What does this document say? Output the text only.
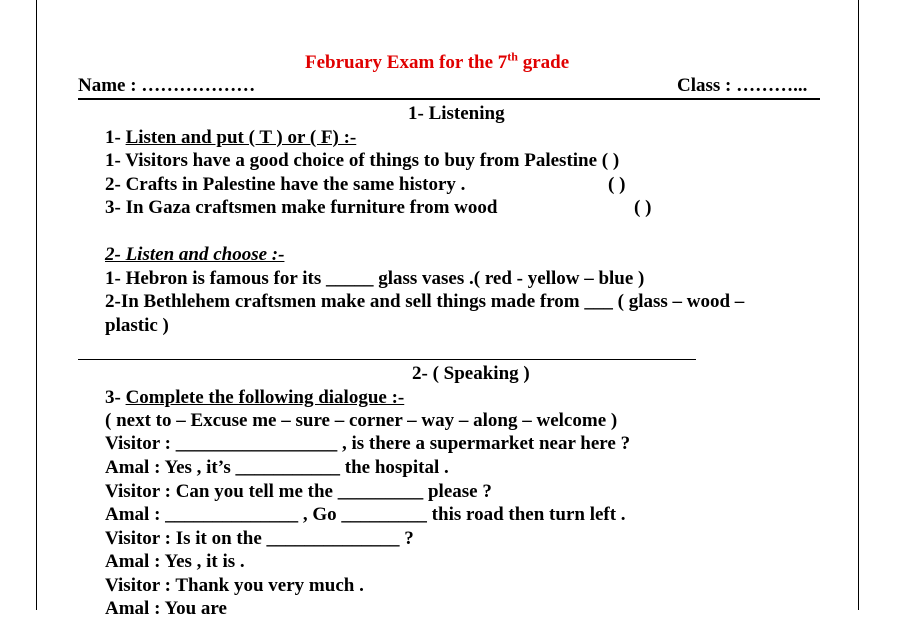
February Exam for the 7th grade
Name : ………………	Class : ………...
1- Listening
1- Listen and put ( T ) or ( F) :-
1- Visitors have a good choice of things to buy from Palestine ( )
2- Crafts in Palestine have the same history .	( )
3- In Gaza craftsmen make furniture from wood	( )
2- Listen and choose :-
1- Hebron is famous for its _____ glass vases .( red - yellow – blue )
2-In Bethlehem craftsmen make and sell things made from ___ ( glass – wood –
plastic )
2- ( Speaking )
3- Complete the following dialogue :-
( next to – Excuse me – sure – corner – way – along – welcome )
Visitor : _________________ , is there a supermarket near here ?
Amal : Yes , it’s ___________ the hospital .
Visitor : Can you tell me the _________ please ?
Amal : ______________ , Go _________ this road then turn left .
Visitor : Is it on the ______________ ?
Amal : Yes , it is .
Visitor : Thank you very much .
Amal : You are
